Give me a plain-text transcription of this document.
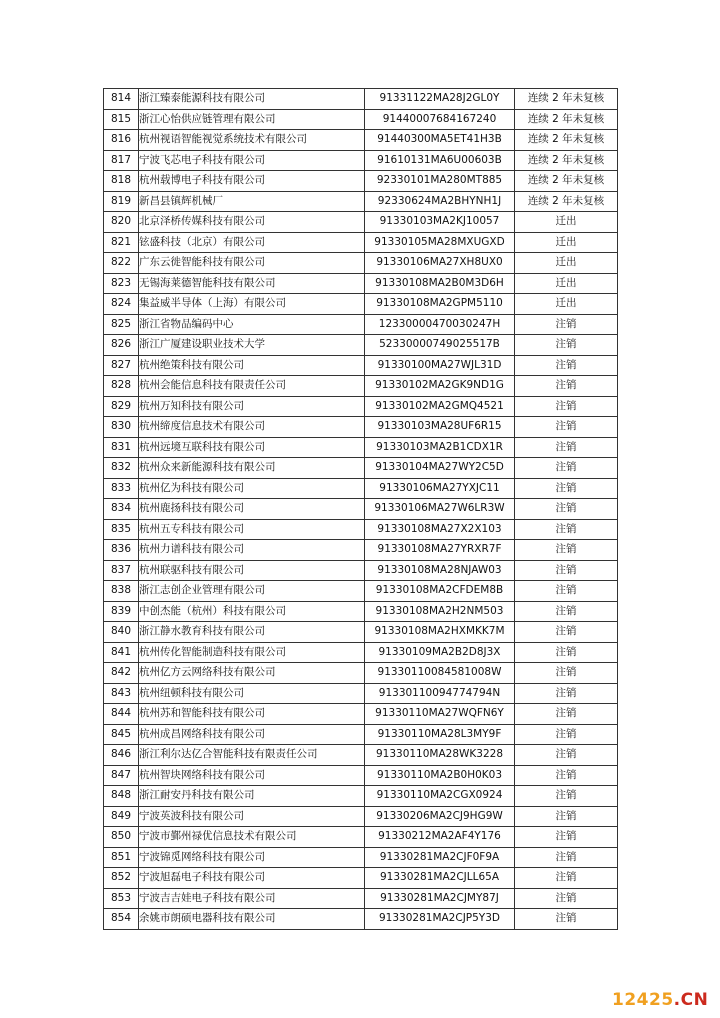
814	浙江臻泰能源科技有限公司	91331122MA28J2GL0Y	连续 2 年未复核
815	浙江心怡供应链管理有限公司	91440007684167240	连续 2 年未复核
816	杭州视语智能视觉系统技术有限公司	91440300MA5ET41H3B	连续 2 年未复核
817	宁波飞芯电子科技有限公司	91610131MA6U00603B	连续 2 年未复核
818	杭州载博电子科技有限公司	92330101MA280MT885	连续 2 年未复核
819	新昌县镇辉机械厂	92330624MA2BHYNH1J	连续 2 年未复核
820	北京泽桥传媒科技有限公司	91330103MA2KJ10057	迁出
821	铉盛科技（北京）有限公司	91330105MA28MXUGXD	迁出
822	广东云徙智能科技有限公司	91330106MA27XH8UX0	迁出
823	无锡海莱德智能科技有限公司	91330108MA2B0M3D6H	迁出
824	集益威半导体（上海）有限公司	91330108MA2GPM5110	迁出
825	浙江省物品编码中心	12330000470030247H	注销
826	浙江广厦建设职业技术大学	52330000749025517B	注销
827	杭州绝策科技有限公司	91330100MA27WJL31D	注销
828	杭州会能信息科技有限责任公司	91330102MA2GK9ND1G	注销
829	杭州万知科技有限公司	91330102MA2GMQ4521	注销
830	杭州缔度信息技术有限公司	91330103MA28UF6R15	注销
831	杭州远境互联科技有限公司	91330103MA2B1CDX1R	注销
832	杭州众来新能源科技有限公司	91330104MA27WY2C5D	注销
833	杭州亿为科技有限公司	91330106MA27YXJC11	注销
834	杭州鹿扬科技有限公司	91330106MA27W6LR3W	注销
835	杭州五专科技有限公司	91330108MA27X2X103	注销
836	杭州力谱科技有限公司	91330108MA27YRXR7F	注销
837	杭州联驱科技有限公司	91330108MA28NJAW03	注销
838	浙江志创企业管理有限公司	91330108MA2CFDEM8B	注销
839	中创杰能（杭州）科技有限公司	91330108MA2H2NM503	注销
840	浙江静水教育科技有限公司	91330108MA2HXMKK7M	注销
841	杭州传化智能制造科技有限公司	91330109MA2B2D8J3X	注销
842	杭州亿方云网络科技有限公司	91330110084581008W	注销
843	杭州纽顿科技有限公司	91330110094774794N	注销
844	杭州苏和智能科技有限公司	91330110MA27WQFN6Y	注销
845	杭州成昌网络科技有限公司	91330110MA28L3MY9F	注销
846	浙江利尔达亿合智能科技有限责任公司	91330110MA28WK3228	注销
847	杭州智块网络科技有限公司	91330110MA2B0H0K03	注销
848	浙江耐安丹科技有限公司	91330110MA2CGX0924	注销
849	宁波英波科技有限公司	91330206MA2CJ9HG9W	注销
850	宁波市鄞州禄优信息技术有限公司	91330212MA2AF4Y176	注销
851	宁波锦觅网络科技有限公司	91330281MA2CJF0F9A	注销
852	宁波旭磊电子科技有限公司	91330281MA2CJLL65A	注销
853	宁波吉吉娃电子科技有限公司	91330281MA2CJMY87J	注销
854	余姚市朗硕电器科技有限公司	91330281MA2CJP5Y3D	注销
12425.CN
